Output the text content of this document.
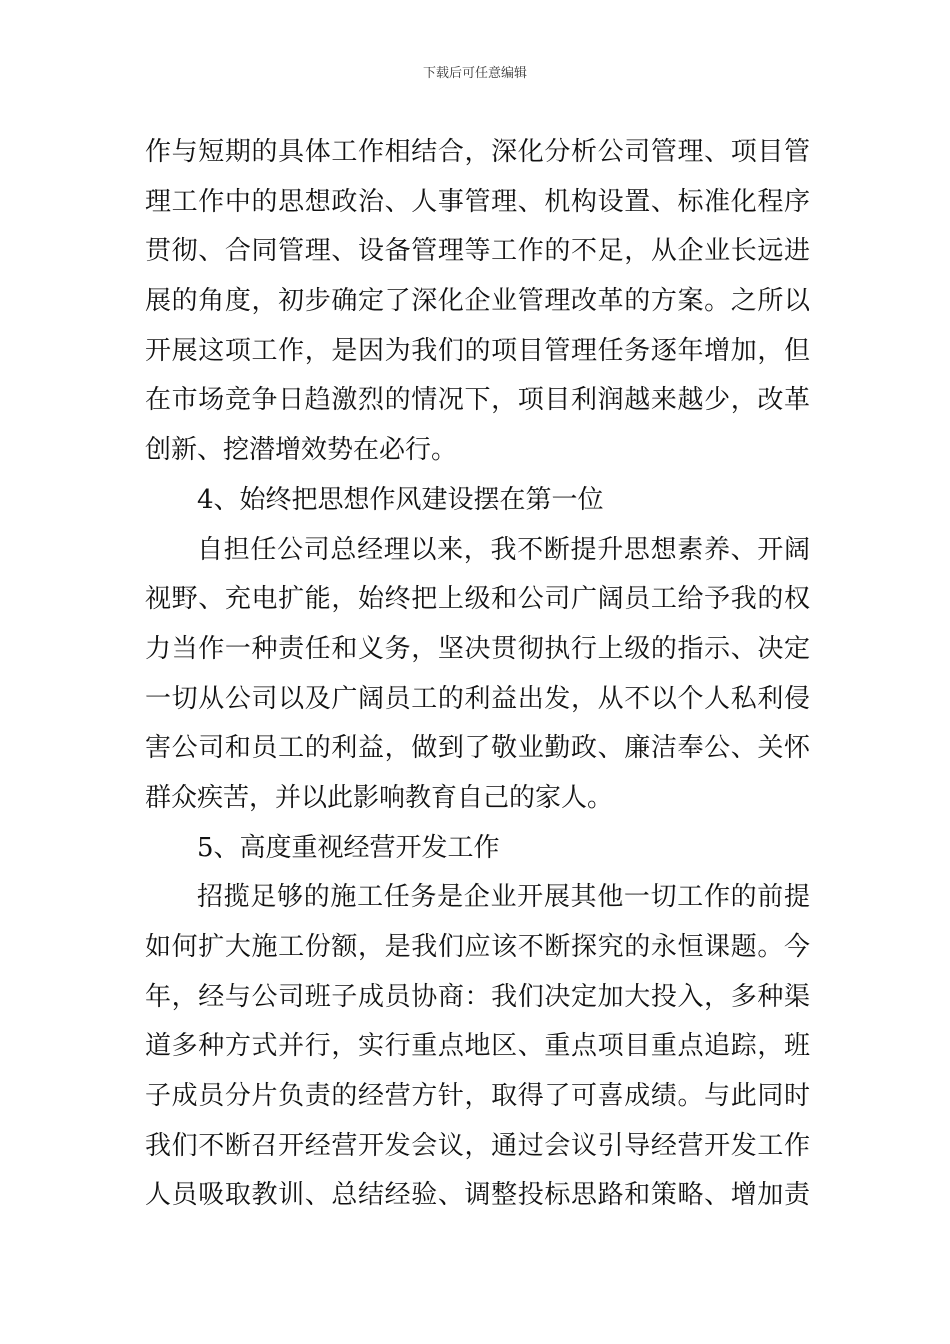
下载后可任意编辑
作与短期的具体工作相结合，深化分析公司管理、项目管
理工作中的思想政治、人事管理、机构设置、标准化程序
贯彻、合同管理、设备管理等工作的不足，从企业长远进
展的角度，初步确定了深化企业管理改革的方案。之所以
开展这项工作，是因为我们的项目管理任务逐年增加，但
在市场竞争日趋激烈的情况下，项目利润越来越少，改革
创新、挖潜增效势在必行。
4、始终把思想作风建设摆在第一位
自担任公司总经理以来，我不断提升思想素养、开阔
视野、充电扩能，始终把上级和公司广阔员工给予我的权
力当作一种责任和义务，坚决贯彻执行上级的指示、决定
一切从公司以及广阔员工的利益出发，从不以个人私利侵
害公司和员工的利益，做到了敬业勤政、廉洁奉公、关怀
群众疾苦，并以此影响教育自己的家人。
5、高度重视经营开发工作
招揽足够的施工任务是企业开展其他一切工作的前提
如何扩大施工份额，是我们应该不断探究的永恒课题。今
年，经与公司班子成员协商：我们决定加大投入，多种渠
道多种方式并行，实行重点地区、重点项目重点追踪，班
子成员分片负责的经营方针，取得了可喜成绩。与此同时
我们不断召开经营开发会议，通过会议引导经营开发工作
人员吸取教训、总结经验、调整投标思路和策略、增加责
